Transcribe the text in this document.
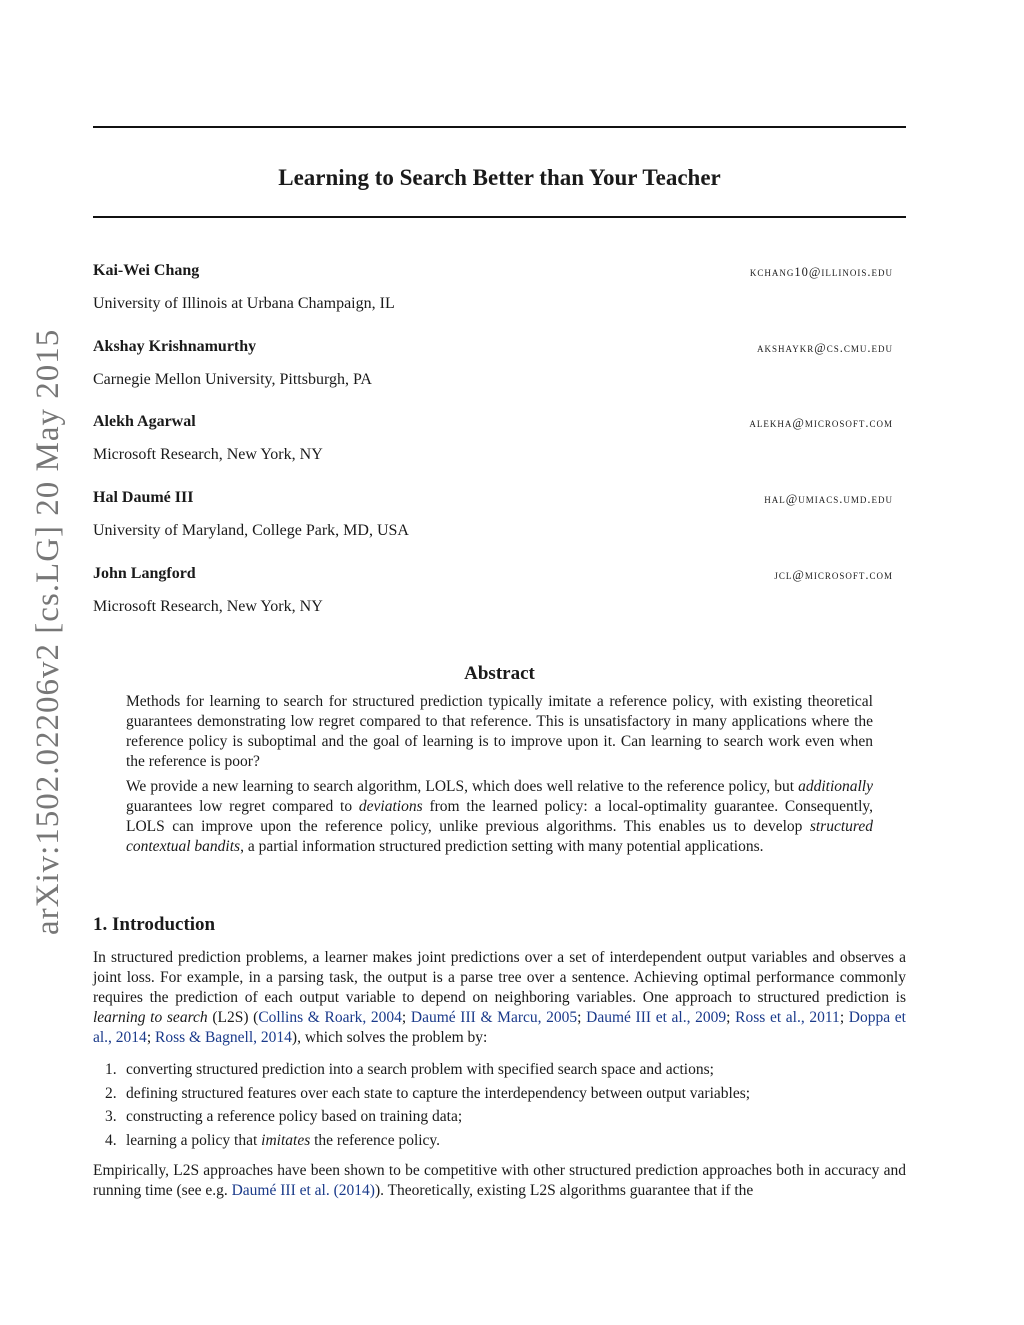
arXiv:1502.02206v2 [cs.LG] 20 May 2015
Learning to Search Better than Your Teacher
Kai-Wei Chang	kchang10@illinois.edu
University of Illinois at Urbana Champaign, IL
Akshay Krishnamurthy	akshaykr@cs.cmu.edu
Carnegie Mellon University, Pittsburgh, PA
Alekh Agarwal	alekha@microsoft.com
Microsoft Research, New York, NY
Hal Daumé III	hal@umiacs.umd.edu
University of Maryland, College Park, MD, USA
John Langford	jcl@microsoft.com
Microsoft Research, New York, NY
Abstract

Methods for learning to search for structured prediction typically imitate a reference policy, with existing theoretical guarantees demonstrating low regret compared to that reference. This is unsatisfactory in many applications where the reference policy is suboptimal and the goal of learning is to improve upon it. Can learning to search work even when the reference is poor?

We provide a new learning to search algorithm, LOLS, which does well relative to the reference policy, but additionally guarantees low regret compared to deviations from the learned policy: a local-optimality guarantee. Consequently, LOLS can improve upon the reference policy, unlike previous algorithms. This enables us to develop structured contextual bandits, a partial information structured prediction setting with many potential applications.

1. Introduction

In structured prediction problems, a learner makes joint predictions over a set of interdependent output variables and observes a joint loss. For example, in a parsing task, the output is a parse tree over a sentence. Achieving optimal performance commonly requires the prediction of each output variable to depend on neighboring variables. One approach to structured prediction is learning to search (L2S) (Collins & Roark, 2004; Daumé III & Marcu, 2005; Daumé III et al., 2009; Ross et al., 2011; Doppa et al., 2014; Ross & Bagnell, 2014), which solves the problem by:

1. converting structured prediction into a search problem with specified search space and actions;
2. defining structured features over each state to capture the interdependency between output variables;
3. constructing a reference policy based on training data;
4. learning a policy that imitates the reference policy.

Empirically, L2S approaches have been shown to be competitive with other structured prediction approaches both in accuracy and running time (see e.g. Daumé III et al. (2014)). Theoretically, existing L2S algorithms guarantee that if the
